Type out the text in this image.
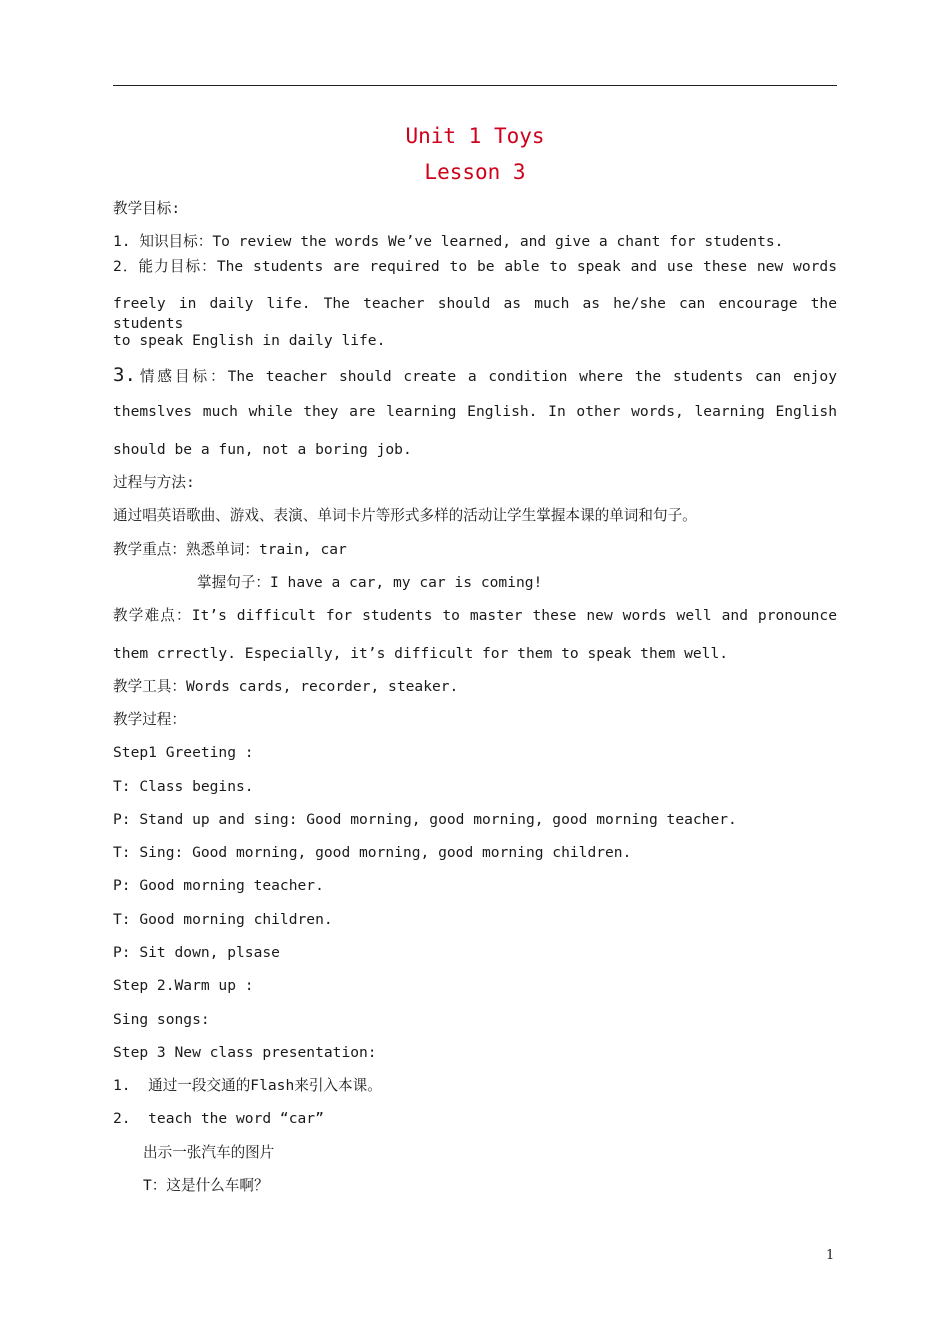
Unit 1 Toys
Lesson 3
教学目标:
1. 知识目标：To review the words We’ve learned, and give a chant for students.
2．能力目标：The students are required to be able to speak and use these new words
freely in daily life. The teacher should as much as he/she can encourage the students
to speak English in daily life.
3. 情感目标：The teacher should create a condition where the students can enjoy
themslves much while they are learning English. In other words, learning English
should be a fun, not a boring job.
过程与方法:
通过唱英语歌曲、游戏、表演、单词卡片等形式多样的活动让学生掌握本课的单词和句子。
教学重点：熟悉单词：train, car
掌握句子：I have a car, my car is coming!
教学难点：It’s difficult for students to master these new words well and pronounce
them crrectly. Especially, it’s difficult for them to speak them well.
教学工具：Words cards, recorder, steaker.
教学过程：
Step1 Greeting :
T: Class begins.
P: Stand up and sing: Good morning, good morning, good morning teacher.
T: Sing: Good morning, good morning, good morning children.
P: Good morning teacher.
T: Good morning children.
P: Sit down, plsase
Step 2.Warm up :
Sing songs:
Step 3 New class presentation:
1.  通过一段交通的Flash来引入本课。
2.  teach the word “car”
出示一张汽车的图片
T：这是什么车啊？
1
